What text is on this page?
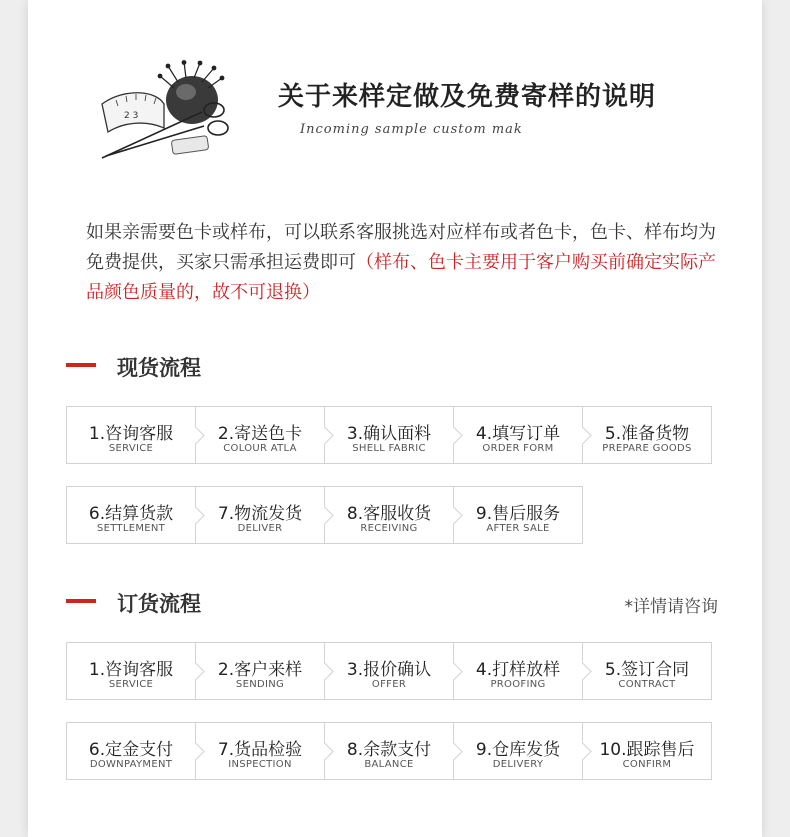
2 3
关于来样定做及免费寄样的说明
Incoming sample custom mak
如果亲需要色卡或样布，可以联系客服挑选对应样布或者色卡，色卡、样布均为免费提供，买家只需承担运费即可（样布、色卡主要用于客户购买前确定实际产品颜色质量的，故不可退换）
现货流程
1.咨询客服
SERVICE
2.寄送色卡
COLOUR ATLA
3.确认面料
SHELL FABRIC
4.填写订单
ORDER FORM
5.准备货物
PREPARE GOODS
6.结算货款
SETTLEMENT
7.物流发货
DELIVER
8.客服收货
RECEIVING
9.售后服务
AFTER SALE
订货流程	*详情请咨询
1.咨询客服
SERVICE
2.客户来样
SENDING
3.报价确认
OFFER
4.打样放样
PROOFING
5.签订合同
CONTRACT
6.定金支付
DOWNPAYMENT
7.货品检验
INSPECTION
8.余款支付
BALANCE
9.仓库发货
DELIVERY
10.跟踪售后
CONFIRM
